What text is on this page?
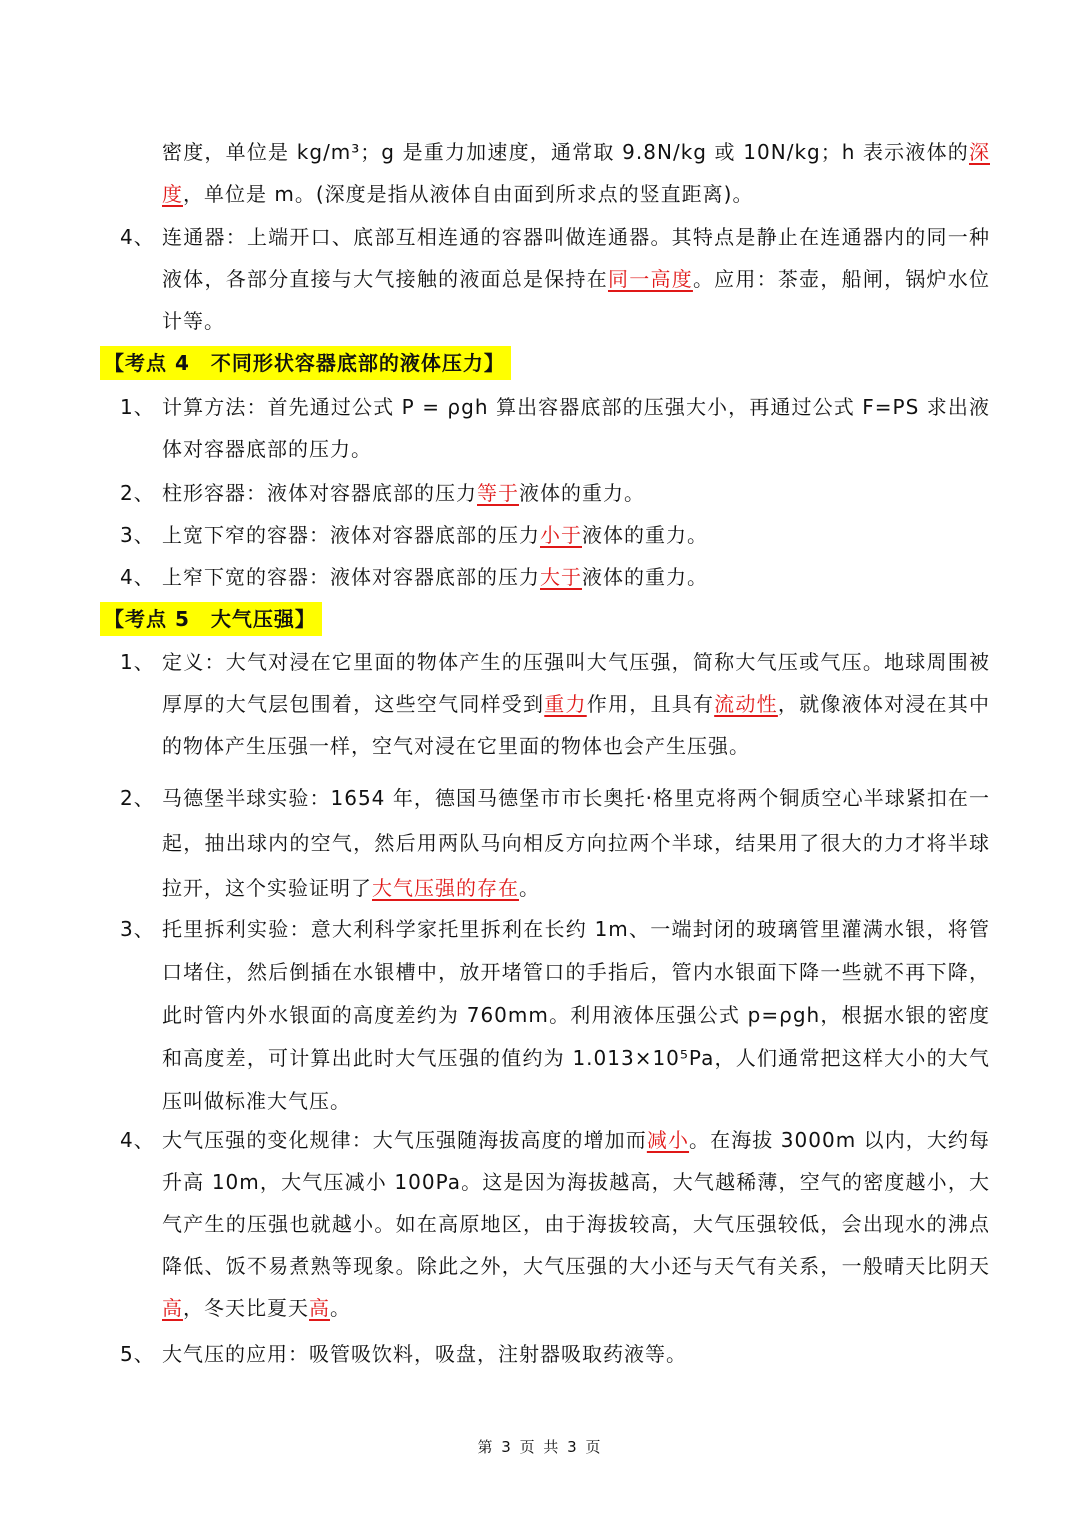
密度，单位是 kg/m³；g 是重力加速度，通常取 9.8N/kg 或 10N/kg；h 表示液体的深度，单位是 m。(深度是指从液体自由面到所求点的竖直距离)。
4、 连通器：上端开口、底部互相连通的容器叫做连通器。其特点是静止在连通器内的同一种液体，各部分直接与大气接触的液面总是保持在同一高度。应用：茶壶，船闸，锅炉水位计等。
【考点 4　不同形状容器底部的液体压力】
1、 计算方法：首先通过公式 P = ρgh 算出容器底部的压强大小，再通过公式 F=PS 求出液体对容器底部的压力。
2、 柱形容器：液体对容器底部的压力等于液体的重力。
3、 上宽下窄的容器：液体对容器底部的压力小于液体的重力。
4、 上窄下宽的容器：液体对容器底部的压力大于液体的重力。
【考点 5　大气压强】
1、 定义：大气对浸在它里面的物体产生的压强叫大气压强，简称大气压或气压。地球周围被厚厚的大气层包围着，这些空气同样受到重力作用，且具有流动性，就像液体对浸在其中的物体产生压强一样，空气对浸在它里面的物体也会产生压强。
2、 马德堡半球实验：1654 年，德国马德堡市市长奥托·格里克将两个铜质空心半球紧扣在一起，抽出球内的空气，然后用两队马向相反方向拉两个半球，结果用了很大的力才将半球拉开，这个实验证明了大气压强的存在。
3、 托里拆利实验：意大利科学家托里拆利在长约 1m、一端封闭的玻璃管里灌满水银，将管口堵住，然后倒插在水银槽中，放开堵管口的手指后，管内水银面下降一些就不再下降，此时管内外水银面的高度差约为 760mm。利用液体压强公式 p=ρgh，根据水银的密度和高度差，可计算出此时大气压强的值约为 1.013×10⁵Pa，人们通常把这样大小的大气压叫做标准大气压。
4、 大气压强的变化规律：大气压强随海拔高度的增加而减小。在海拔 3000m 以内，大约每升高 10m，大气压减小 100Pa。这是因为海拔越高，大气越稀薄，空气的密度越小，大气产生的压强也就越小。如在高原地区，由于海拔较高，大气压强较低，会出现水的沸点降低、饭不易煮熟等现象。除此之外，大气压强的大小还与天气有关系，一般晴天比阴天高，冬天比夏天高。
5、 大气压的应用：吸管吸饮料，吸盘，注射器吸取药液等。
第 3 页 共 3 页
